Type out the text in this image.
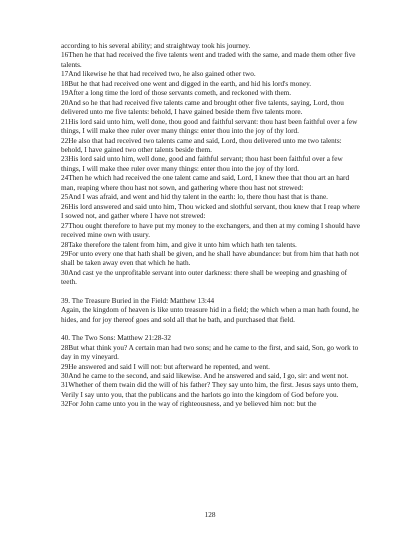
according to his several ability; and straightway took his journey.

16Then he that had received the five talents went and traded with the same, and made them other five talents.

17And likewise he that had received two, he also gained other two.

18But he that had received one went and digged in the earth, and hid his lord's money.

19After a long time the lord of those servants cometh, and reckoned with them.

20And so he that had received five talents came and brought other five talents, saying, Lord, thou delivered unto me five talents: behold, I have gained beside them five talents more.

21His lord said unto him, well done, thou good and faithful servant: thou hast been faithful over a few things, I will make thee ruler over many things: enter thou into the joy of thy lord.

22He also that had received two talents came and said, Lord, thou delivered unto me two talents: behold, I have gained two other talents beside them.

23His lord said unto him, well done, good and faithful servant; thou hast been faithful over a few things, I will make thee ruler over many things: enter thou into the joy of thy lord.

24Then he which had received the one talent came and said, Lord, I knew thee that thou art an hard man, reaping where thou hast not sown, and gathering where thou hast not strewed:

25And I was afraid, and went and hid thy talent in the earth: lo, there thou hast that is thane.

26His lord answered and said unto him, Thou wicked and slothful servant, thou knew that I reap where I sowed not, and gather where I have not strewed:

27Thou ought therefore to have put my money to the exchangers, and then at my coming I should have received mine own with usury.

28Take therefore the talent from him, and give it unto him which hath ten talents.

29For unto every one that hath shall be given, and he shall have abundance: but from him that hath not shall be taken away even that which he hath.

30And cast ye the unprofitable servant into outer darkness: there shall be weeping and gnashing of teeth.

39. The Treasure Buried in the Field: Matthew 13:44

Again, the kingdom of heaven is like unto treasure hid in a field; the which when a man hath found, he hides, and for joy thereof goes and sold all that he bath, and purchased that field.

40. The Two Sons: Matthew 21:28-32

28But what think you? A certain man had two sons; and he came to the first, and said, Son, go work to day in my vineyard.

29He answered and said I will not: but afterward he repented, and went.

30And he came to the second, and said likewise. And he answered and said, I go, sir: and went not.

31Whether of them twain did the will of his father? They say unto him, the first. Jesus says unto them, Verily I say unto you, that the publicans and the harlots go into the kingdom of God before you.

32For John came unto you in the way of righteousness, and ye believed him not: but the

128
